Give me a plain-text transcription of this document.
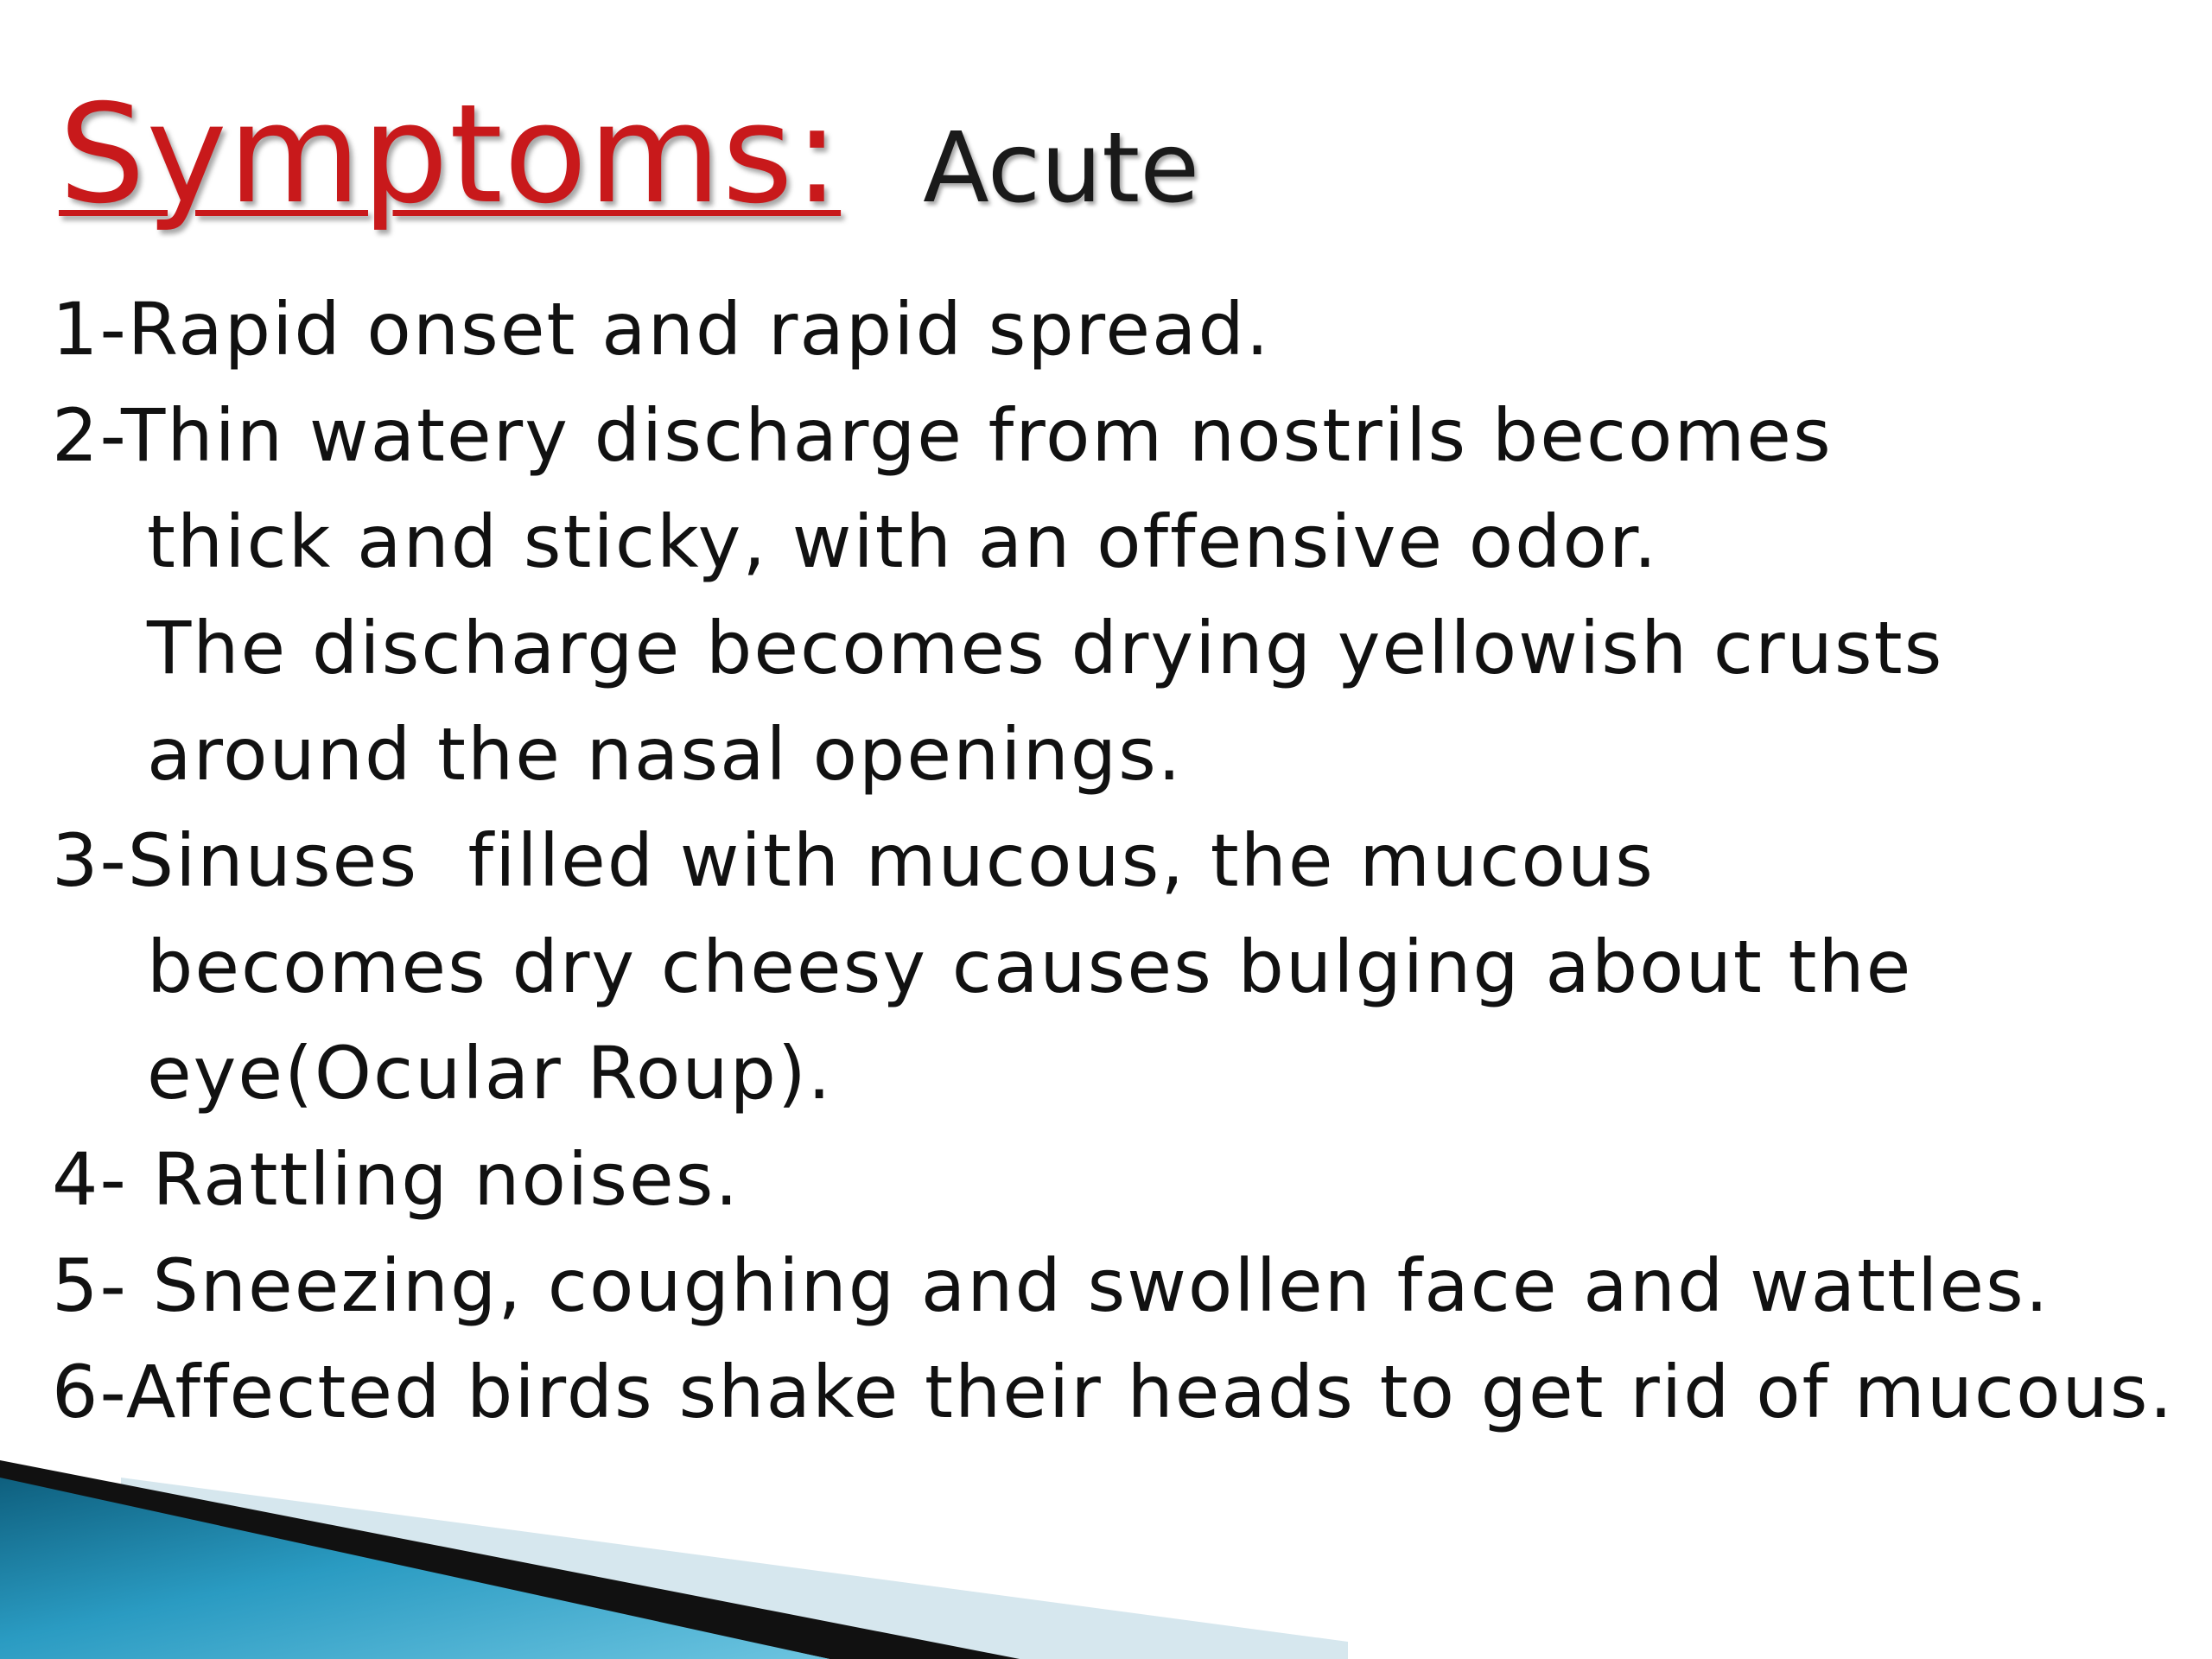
Symptoms: Acute
1-Rapid onset and rapid spread.
2-Thin watery discharge from nostrils becomes
thick and sticky, with an offensive odor.
The discharge becomes drying yellowish crusts
around the nasal openings.
3-Sinuses  filled with mucous, the mucous
becomes dry cheesy causes bulging about the
eye(Ocular Roup).
4- Rattling noises.
5- Sneezing, coughing and swollen face and wattles.
6-Affected birds shake their heads to get rid of mucous.
